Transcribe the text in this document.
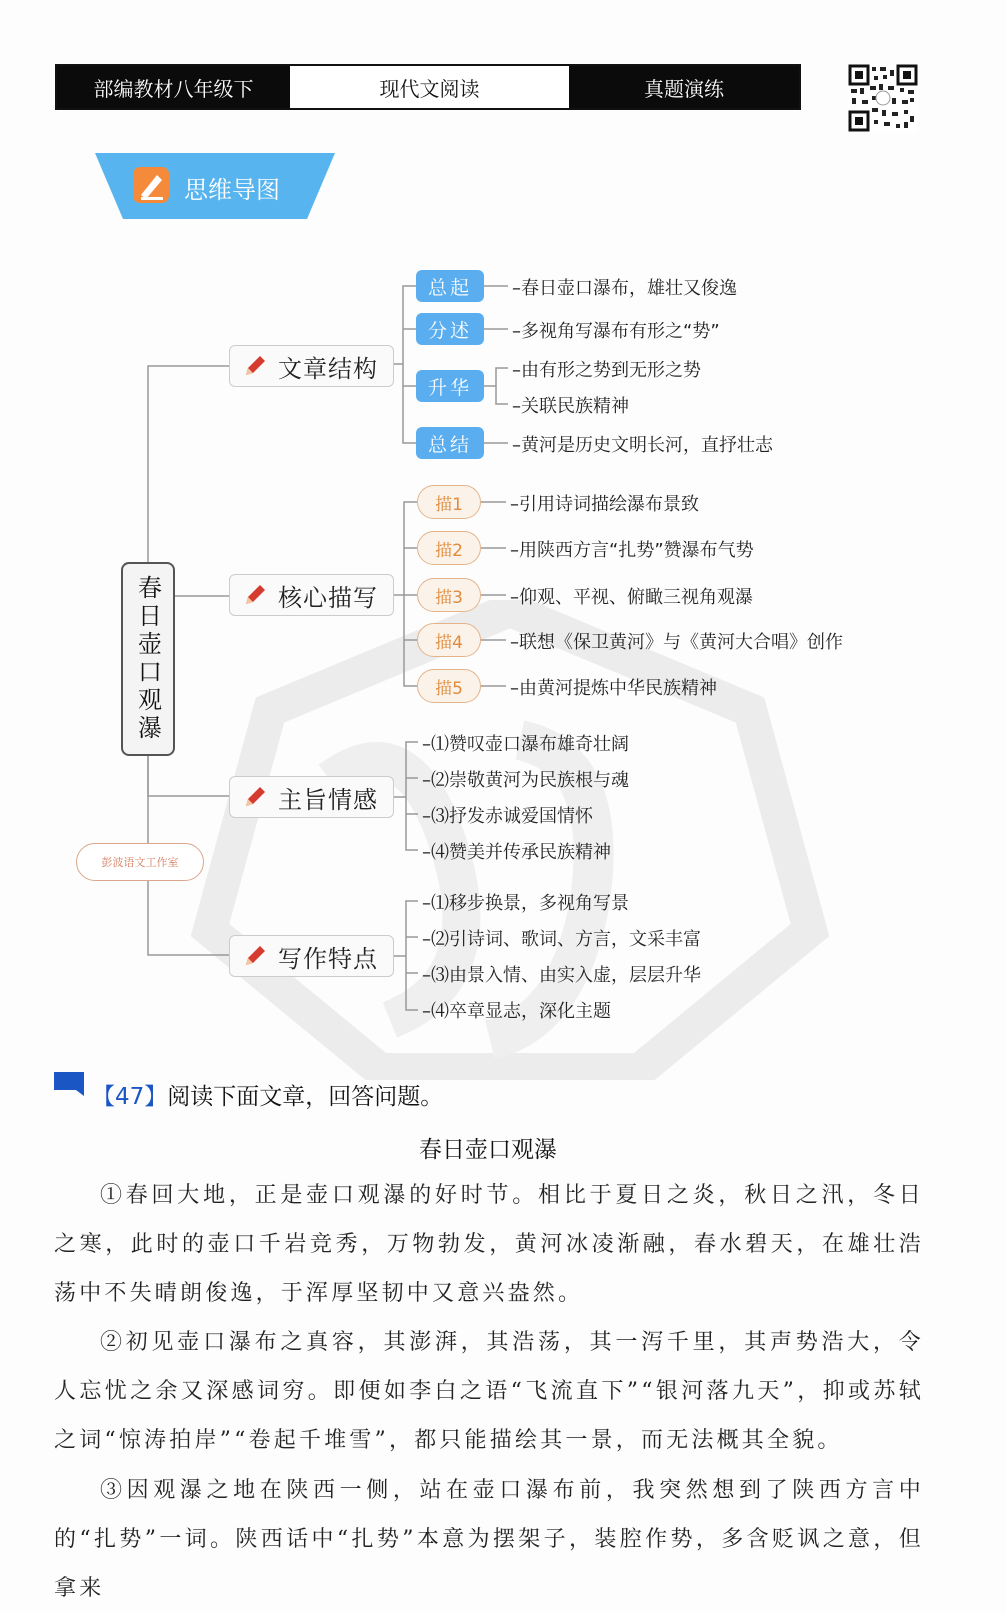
部编教材八年级下	现代文阅读	真题演练
思维导图
春日壶口观瀑
彭波语文工作室
文章结构
总起
分述
升华
总结
–春日壶口瀑布，雄壮又俊逸
–多视角写瀑布有形之“势”
–由有形之势到无形之势
–关联民族精神
–黄河是历史文明长河，直抒壮志
核心描写
描1
描2
描3
描4
描5
–引用诗词描绘瀑布景致
–用陕西方言“扎势”赞瀑布气势
–仰观、平视、俯瞰三视角观瀑
–联想《保卫黄河》与《黄河大合唱》创作
–由黄河提炼中华民族精神
主旨情感
–⑴赞叹壶口瀑布雄奇壮阔
–⑵崇敬黄河为民族根与魂
–⑶抒发赤诚爱国情怀
–⑷赞美并传承民族精神
写作特点
–⑴移步换景，多视角写景
–⑵引诗词、歌词、方言，文采丰富
–⑶由景入情、由实入虚，层层升华
–⑷卒章显志，深化主题
【47】阅读下面文章，回答问题。
春日壶口观瀑
①春回大地，正是壶口观瀑的好时节。相比于夏日之炎，秋日之汛，冬日之寒，此时的壶口千岩竞秀，万物勃发，黄河冰凌渐融，春水碧天，在雄壮浩荡中不失晴朗俊逸，于浑厚坚韧中又意兴盎然。
②初见壶口瀑布之真容，其澎湃，其浩荡，其一泻千里，其声势浩大，令人忘忧之余又深感词穷。即便如李白之语“飞流直下”“银河落九天”，抑或苏轼之词“惊涛拍岸”“卷起千堆雪”，都只能描绘其一景，而无法概其全貌。
③因观瀑之地在陕西一侧，站在壶口瀑布前，我突然想到了陕西方言中的“扎势”一词。陕西话中“扎势”本意为摆架子，装腔作势，多含贬讽之意，但拿来
